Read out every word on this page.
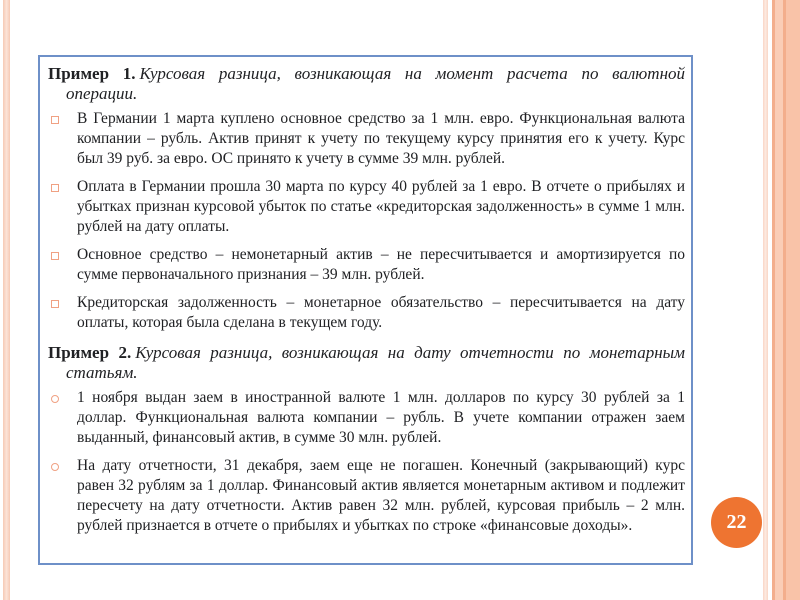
Пример 1. Курсовая разница, возникающая на момент расчета по валютной операции.

В Германии 1 марта куплено основное средство за 1 млн. евро. Функциональная валюта компании – рубль. Актив принят к учету по текущему курсу принятия его к учету. Курс был 39 руб. за евро. ОС принято к учету в сумме 39 млн. рублей.
Оплата в Германии прошла 30 марта по курсу 40 рублей за 1 евро. В отчете о прибылях и убытках признан курсовой убыток по статье «кредиторская задолженность» в сумме 1 млн. рублей на дату оплаты.
Основное средство – немонетарный актив – не пересчитывается и амортизируется по сумме первоначального признания – 39 млн. рублей.
Кредиторская задолженность – монетарное обязательство – пересчитывается на дату оплаты, которая была сделана в текущем году.

Пример 2. Курсовая разница, возникающая на дату отчетности по монетарным статьям.

1 ноября выдан заем в иностранной валюте 1 млн. долларов по курсу 30 рублей за 1 доллар. Функциональная валюта компании – рубль. В учете компании отражен заем выданный, финансовый актив, в сумме 30 млн. рублей.
На дату отчетности, 31 декабря, заем еще не погашен. Конечный (закрывающий) курс равен 32 рублям за 1 доллар. Финансовый актив является монетарным активом и подлежит пересчету на дату отчетности. Актив равен 32 млн. рублей, курсовая прибыль – 2 млн. рублей признается в отчете о прибылях и убытках по строке «финансовые доходы».	22
